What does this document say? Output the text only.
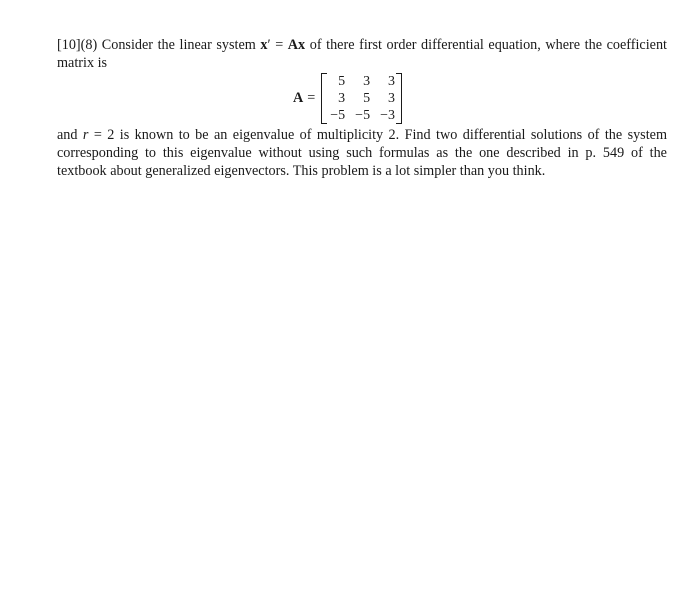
[10](8) Consider the linear system x′ = Ax of there first order differential equation, where the coefficient matrix is

A =
5	3	3
3	5	3
−5	−5	−3

and r = 2 is known to be an eigenvalue of multiplicity 2. Find two differential solutions of the system corresponding to this eigenvalue without using such formulas as the one described in p. 549 of the textbook about generalized eigenvectors. This problem is a lot simpler than you think.
